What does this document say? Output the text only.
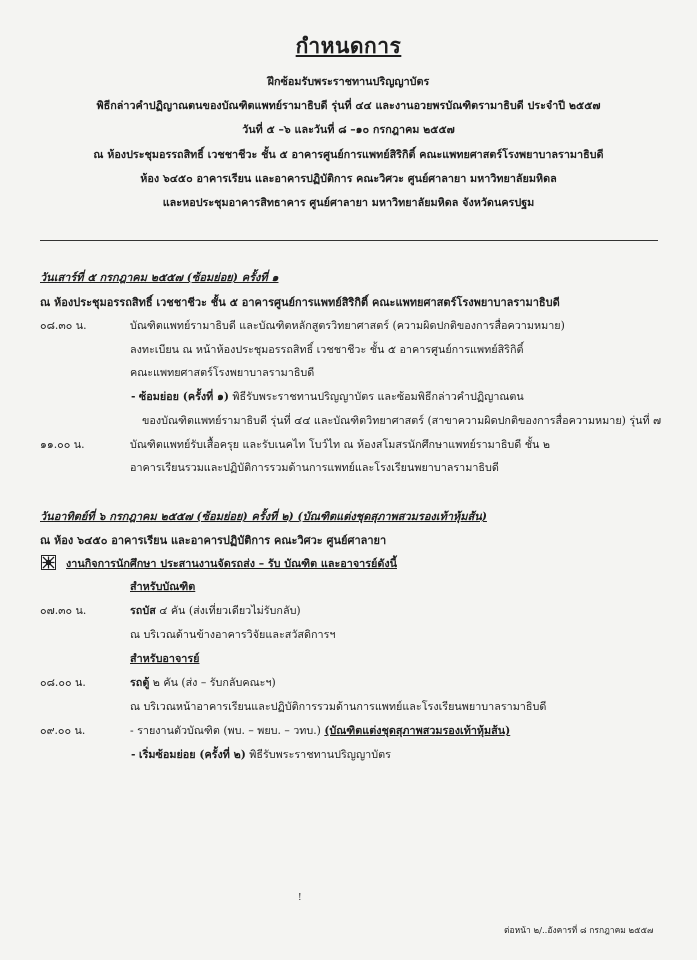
กำหนดการ
ฝึกซ้อมรับพระราชทานปริญญาบัตร
พิธีกล่าวคำปฏิญาณตนของบัณฑิตแพทย์รามาธิบดี รุ่นที่ ๔๔ และงานอวยพรบัณฑิตรามาธิบดี ประจำปี ๒๕๕๗
วันที่ ๕ –๖ และวันที่ ๘ –๑๐ กรกฎาคม ๒๕๕๗
ณ ห้องประชุมอรรถสิทธิ์ เวชชาชีวะ ชั้น ๕ อาคารศูนย์การแพทย์สิริกิติ์ คณะแพทยศาสตร์โรงพยาบาลรามาธิบดี
ห้อง ๖๔๕๐ อาคารเรียน และอาคารปฏิบัติการ คณะวิศวะ ศูนย์ศาลายา มหาวิทยาลัยมหิดล
และหอประชุมอาคารสิทธาคาร ศูนย์ศาลายา มหาวิทยาลัยมหิดล จังหวัดนครปฐม
วันเสาร์ที่ ๕ กรกฎาคม ๒๕๕๗ (ซ้อมย่อย) ครั้งที่ ๑
ณ ห้องประชุมอรรถสิทธิ์ เวชชาชีวะ ชั้น ๕ อาคารศูนย์การแพทย์สิริกิติ์ คณะแพทยศาสตร์โรงพยาบาลรามาธิบดี
๐๘.๓๐ น.	บัณฑิตแพทย์รามาธิบดี และบัณฑิตหลักสูตรวิทยาศาสตร์ (ความผิดปกติของการสื่อความหมาย)
ลงทะเบียน ณ หน้าห้องประชุมอรรถสิทธิ์ เวชชาชีวะ ชั้น ๕ อาคารศูนย์การแพทย์สิริกิติ์
คณะแพทยศาสตร์โรงพยาบาลรามาธิบดี
- ซ้อมย่อย (ครั้งที่ ๑) พิธีรับพระราชทานปริญญาบัตร และซ้อมพิธีกล่าวคำปฏิญาณตน
ของบัณฑิตแพทย์รามาธิบดี รุ่นที่ ๔๔ และบัณฑิตวิทยาศาสตร์ (สาขาความผิดปกติของการสื่อความหมาย) รุ่นที่ ๗
๑๑.๐๐ น.	บัณฑิตแพทย์รับเสื้อครุย และรับเนคไท โบว์ไท ณ ห้องสโมสรนักศึกษาแพทย์รามาธิบดี ชั้น ๒
อาคารเรียนรวมและปฏิบัติการรวมด้านการแพทย์และโรงเรียนพยาบาลรามาธิบดี
วันอาทิตย์ที่ ๖ กรกฎาคม ๒๕๕๗ (ซ้อมย่อย) ครั้งที่ ๒) (บัณฑิตแต่งชุดสุภาพสวมรองเท้าหุ้มส้น)
ณ ห้อง ๖๔๕๐ อาคารเรียน และอาคารปฏิบัติการ คณะวิศวะ ศูนย์ศาลายา
งานกิจการนักศึกษา ประสานงานจัดรถส่ง – รับ บัณฑิต และอาจารย์ดังนี้
สำหรับบัณฑิต
๐๗.๓๐ น.	รถบัส ๔ คัน (ส่งเที่ยวเดียวไม่รับกลับ)
ณ บริเวณด้านข้างอาคารวิจัยและสวัสดิการฯ
สำหรับอาจารย์
๐๘.๐๐ น.	รถตู้ ๒ คัน (ส่ง – รับกลับคณะฯ)
ณ บริเวณหน้าอาคารเรียนและปฏิบัติการรวมด้านการแพทย์และโรงเรียนพยาบาลรามาธิบดี
๐๙.๐๐ น.	- รายงานตัวบัณฑิต (พบ. – พยบ. – วทบ.) (บัณฑิตแต่งชุดสุภาพสวมรองเท้าหุ้มส้น)
- เริ่มซ้อมย่อย (ครั้งที่ ๒) พิธีรับพระราชทานปริญญาบัตร
!
ต่อหน้า ๒/..อังคารที่ ๘ กรกฎาคม ๒๕๕๗
